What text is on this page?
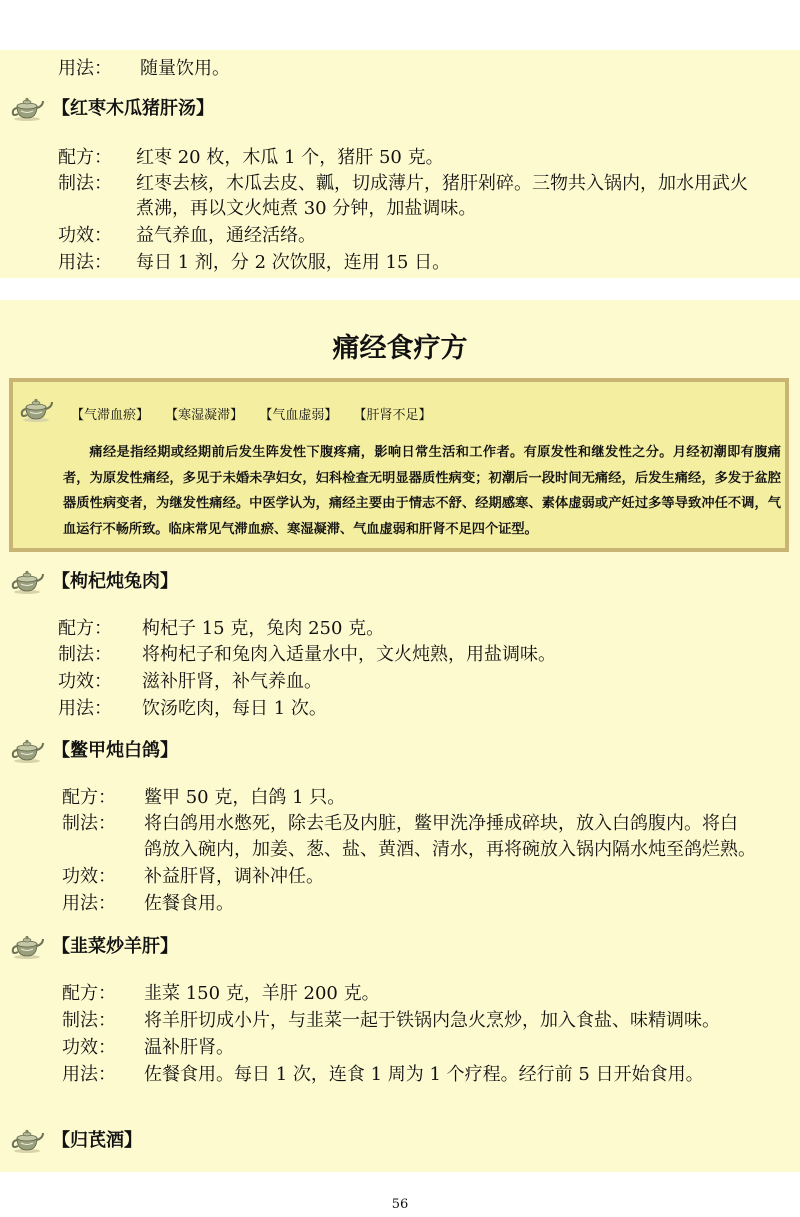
用法： 随量饮用。
【红枣木瓜猪肝汤】
配方： 红枣 20 枚，木瓜 1 个，猪肝 50 克。
制法： 红枣去核，木瓜去皮、瓤，切成薄片，猪肝剁碎。三物共入锅内，加水用武火
煮沸，再以文火炖煮 30 分钟，加盐调味。
功效： 益气养血，通经活络。
用法： 每日 1 剂，分 2 次饮服，连用 15 日。
痛经食疗方
【气滞血瘀】 【寒湿凝滞】 【气血虚弱】 【肝肾不足】
痛经是指经期或经期前后发生阵发性下腹疼痛，影响日常生活和工作者。有原发性和继发性之分。月经初潮即有腹痛者，为原发性痛经，多见于未婚未孕妇女，妇科检查无明显器质性病变；初潮后一段时间无痛经，后发生痛经，多发于盆腔器质性病变者，为继发性痛经。中医学认为，痛经主要由于情志不舒、经期感寒、素体虚弱或产妊过多等导致冲任不调，气血运行不畅所致。临床常见气滞血瘀、寒湿凝滞、气血虚弱和肝肾不足四个证型。
【枸杞炖兔肉】
配方： 枸杞子 15 克，兔肉 250 克。
制法： 将枸杞子和兔肉入适量水中，文火炖熟，用盐调味。
功效： 滋补肝肾，补气养血。
用法： 饮汤吃肉，每日 1 次。
【鳖甲炖白鸽】
配方： 鳖甲 50 克，白鸽 1 只。
制法： 将白鸽用水憋死，除去毛及内脏，鳖甲洗净捶成碎块，放入白鸽腹内。将白
鸽放入碗内，加姜、葱、盐、黄酒、清水，再将碗放入锅内隔水炖至鸽烂熟。
功效： 补益肝肾，调补冲任。
用法： 佐餐食用。
【韭菜炒羊肝】
配方： 韭菜 150 克，羊肝 200 克。
制法： 将羊肝切成小片，与韭菜一起于铁锅内急火烹炒，加入食盐、味精调味。
功效： 温补肝肾。
用法： 佐餐食用。每日 1 次，连食 1 周为 1 个疗程。经行前 5 日开始食用。
【归芪酒】
56
